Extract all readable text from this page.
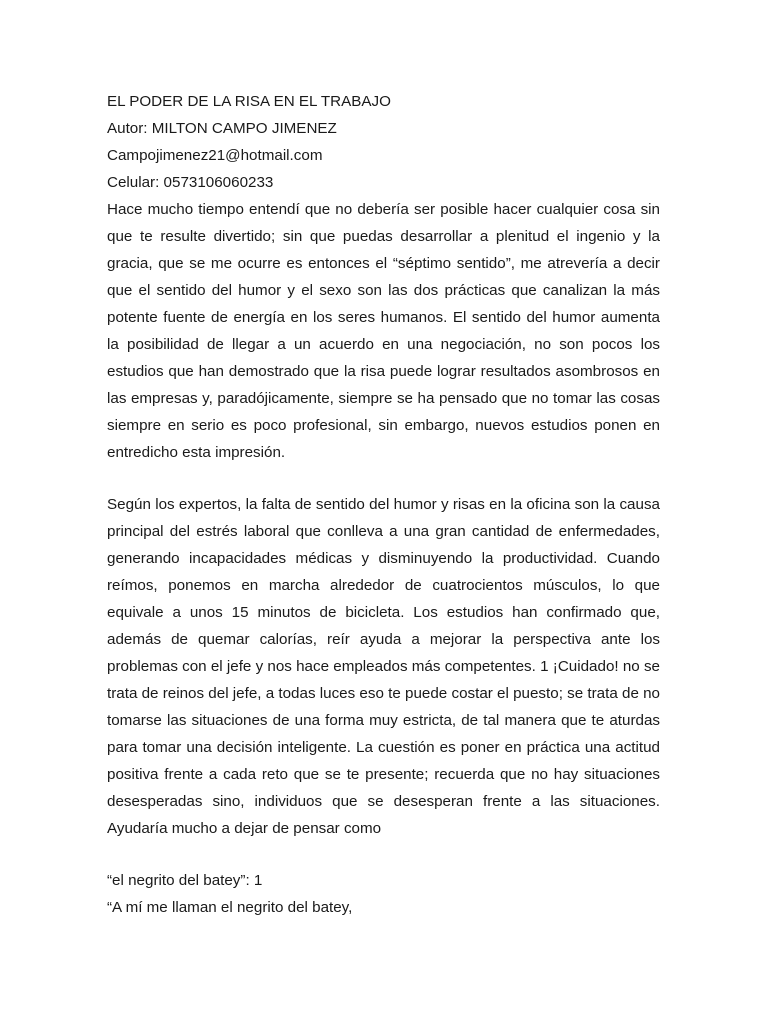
EL PODER DE LA RISA EN EL TRABAJO
Autor: MILTON CAMPO JIMENEZ
Campojimenez21@hotmail.com
Celular: 0573106060233

Hace mucho tiempo entendí que no debería ser posible hacer cualquier cosa sin que te resulte divertido; sin que puedas desarrollar a plenitud el ingenio y la gracia, que se me ocurre es entonces el “séptimo sentido”, me atrevería a decir que el sentido del humor y el sexo son las dos prácticas que canalizan la más potente fuente de energía en los seres humanos. El sentido del humor aumenta la posibilidad de llegar a un acuerdo en una negociación, no son pocos los estudios que han demostrado que la risa puede lograr resultados asombrosos en las empresas y, paradójicamente, siempre se ha pensado que no tomar las cosas siempre en serio es poco profesional, sin embargo, nuevos estudios ponen en entredicho esta impresión.

Según los expertos, la falta de sentido del humor y risas en la oficina son la causa principal del estrés laboral que conlleva a una gran cantidad de enfermedades, generando incapacidades médicas y disminuyendo la productividad. Cuando reímos, ponemos en marcha alrededor de cuatrocientos músculos, lo que equivale a unos 15 minutos de bicicleta. Los estudios han confirmado que, además de quemar calorías, reír ayuda a mejorar la perspectiva ante los problemas con el jefe y nos hace empleados más competentes. 1 ¡Cuidado! no se trata de reinos del jefe, a todas luces eso te puede costar el puesto; se trata de no tomarse las situaciones de una forma muy estricta, de tal manera que te aturdas para tomar una decisión inteligente. La cuestión es poner en práctica una actitud positiva frente a cada reto que se te presente; recuerda que no hay situaciones desesperadas sino, individuos que se desesperan frente a las situaciones. Ayudaría mucho a dejar de pensar como

“el negrito del batey”: 1
“A mí me llaman el negrito del batey,
